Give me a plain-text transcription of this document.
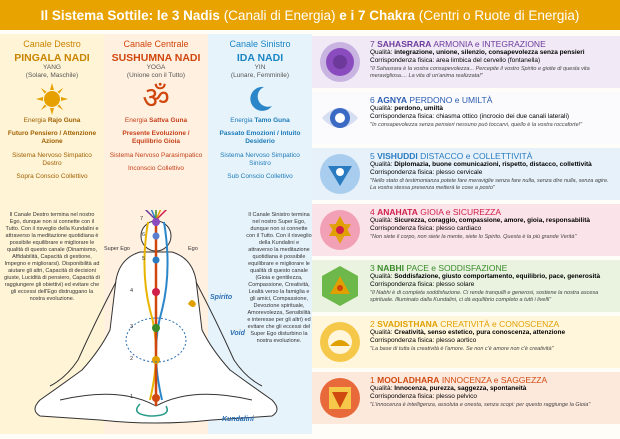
Il Sistema Sottile: le 3 Nadis (Canali di Energia) e i 7 Chakra (Centri o Ruote di Energia)
Canale Destro
PINGALA NADI
YANG
(Solare, Maschile)
Energia Rajo Guna
Futuro Pensiero / Attenzione Azione
Sistema Nervoso Simpatico Destro
Sopra Conscio Collettivo
Canale Centrale
SUSHUMNA NADI
YOGA
(Unione con il Tutto)
ॐ
Energia Sattva Guna
Presente Evoluzione / Equilibrio Gioia
Sistema Nervoso Parasimpatico
Inconscio Collettivo
Canale Sinistro
IDA NADI
YIN
(Lunare, Femminile)
Energia Tamo Guna
Passato Emozioni / Intuito Desiderio
Sistema Nervoso Simpatico Sinistro
Sub Conscio Collettivo
Super Ego	Ego
Spirito
Void
Kundalini
7
6
5
4
3
2
1
Il Canale Destro termina nel nostro Ego, dunque non si connette con il Tutto. Con il risveglio della Kundalini e attraverso la meditazione quotidiana è possibile equilibrare e migliorare le qualità di questo canale (Dinamismo, Affidabilità, Capacità di gestione, Impegno e migliorarsi). Disponibilità ad aiutare gli altri, Capacità di decisioni giuste, Lucidità di pensiero, Capacità di raggiungere gli obiettivi) ed evitare che gli eccessi dell'Ego distruggano la nostra evoluzione.
Il Canale Sinistro termina nel nostro Super Ego, dunque non si connette con il Tutto. Con il risveglio della Kundalini e attraverso la meditazione quotidiana è possibile equilibrare e migliorare le qualità di questo canale (Gioia e gentilezza, Compassione, Creatività, Lealtà verso la famiglia e gli amici, Compassione, Devozione spirituale, Amorevolezza, Sensibilità e interesse per gli altri) ed evitare che gli eccessi del Super Ego disturbino la nostra evoluzione.
7 SAHASRARA ARMONIA e INTEGRAZIONE
Qualità: integrazione, unione, silenzio, consapevolezza senza pensieri
Corrispondenza fisica: area limbica del cervello (fontanella)
"Il Sahasrara è la vostra consapevolezza... Percepite il vostro Spirito e gioite di questa vita meravigliosa.... La vita di un'anima realizzata!"
6 AGNYA PERDONO e UMILTÀ
Qualità: perdono, umiltà
Corrispondenza fisica: chiasma ottico (incrocio dei due canali laterali)
"In consapevolezza senza pensieri nessuno può toccarvi, quello è la vostra roccaforte!"
5 VISHUDDI DISTACCO e COLLETTIVITÀ
Qualità: Diplomazia, buone comunicazioni, rispetto, distacco, collettività
Corrispondenza fisica: plesso cervicale
"Nello stato di testimonianza potete fare meraviglie senza fare nulla, senza dire nulla, senza agire. La vostra stessa presenza metterà le cose a posto"
4 ANAHATA GIOIA e SICUREZZA
Qualità: Sicurezza, coraggio, compassione, amore, gioia, responsabilità
Corrispondenza fisica: plesso cardiaco
"Non siete il corpo, non siete la mente, siete lo Spirito. Questa è la più grande Verità"
3 NABHI PACE e SODDISFAZIONE
Qualità: Soddisfazione, giusto comportamento, equilibrio, pace, generosità
Corrispondenza fisica: plesso solare
"Il Nabhi è di completa soddisfazione. Ci rende tranquilli e generosi, sostiene la nostra ascesa spirituale. Illuminato dalla Kundalini, ci dà equilibrio completo a tutti i livelli"
2 SVADISTHANA CREATIVITÀ e CONOSCENZA
Qualità: Creatività, senso estetico, pura conoscenza, attenzione
Corrispondenza fisica: plesso aortico
"La base di tutta la creatività è l'amore. Se non c'è amore non c'è creatività"
1 MOOLADHARA INNOCENZA e SAGGEZZA
Qualità: Innocenza, purezza, saggezza, spontaneità
Corrispondenza fisica: plesso pelvico
"L'innocenza è intelligenza, assoluta e onesta, senza scopi: per questo raggiunge la Gioia"
